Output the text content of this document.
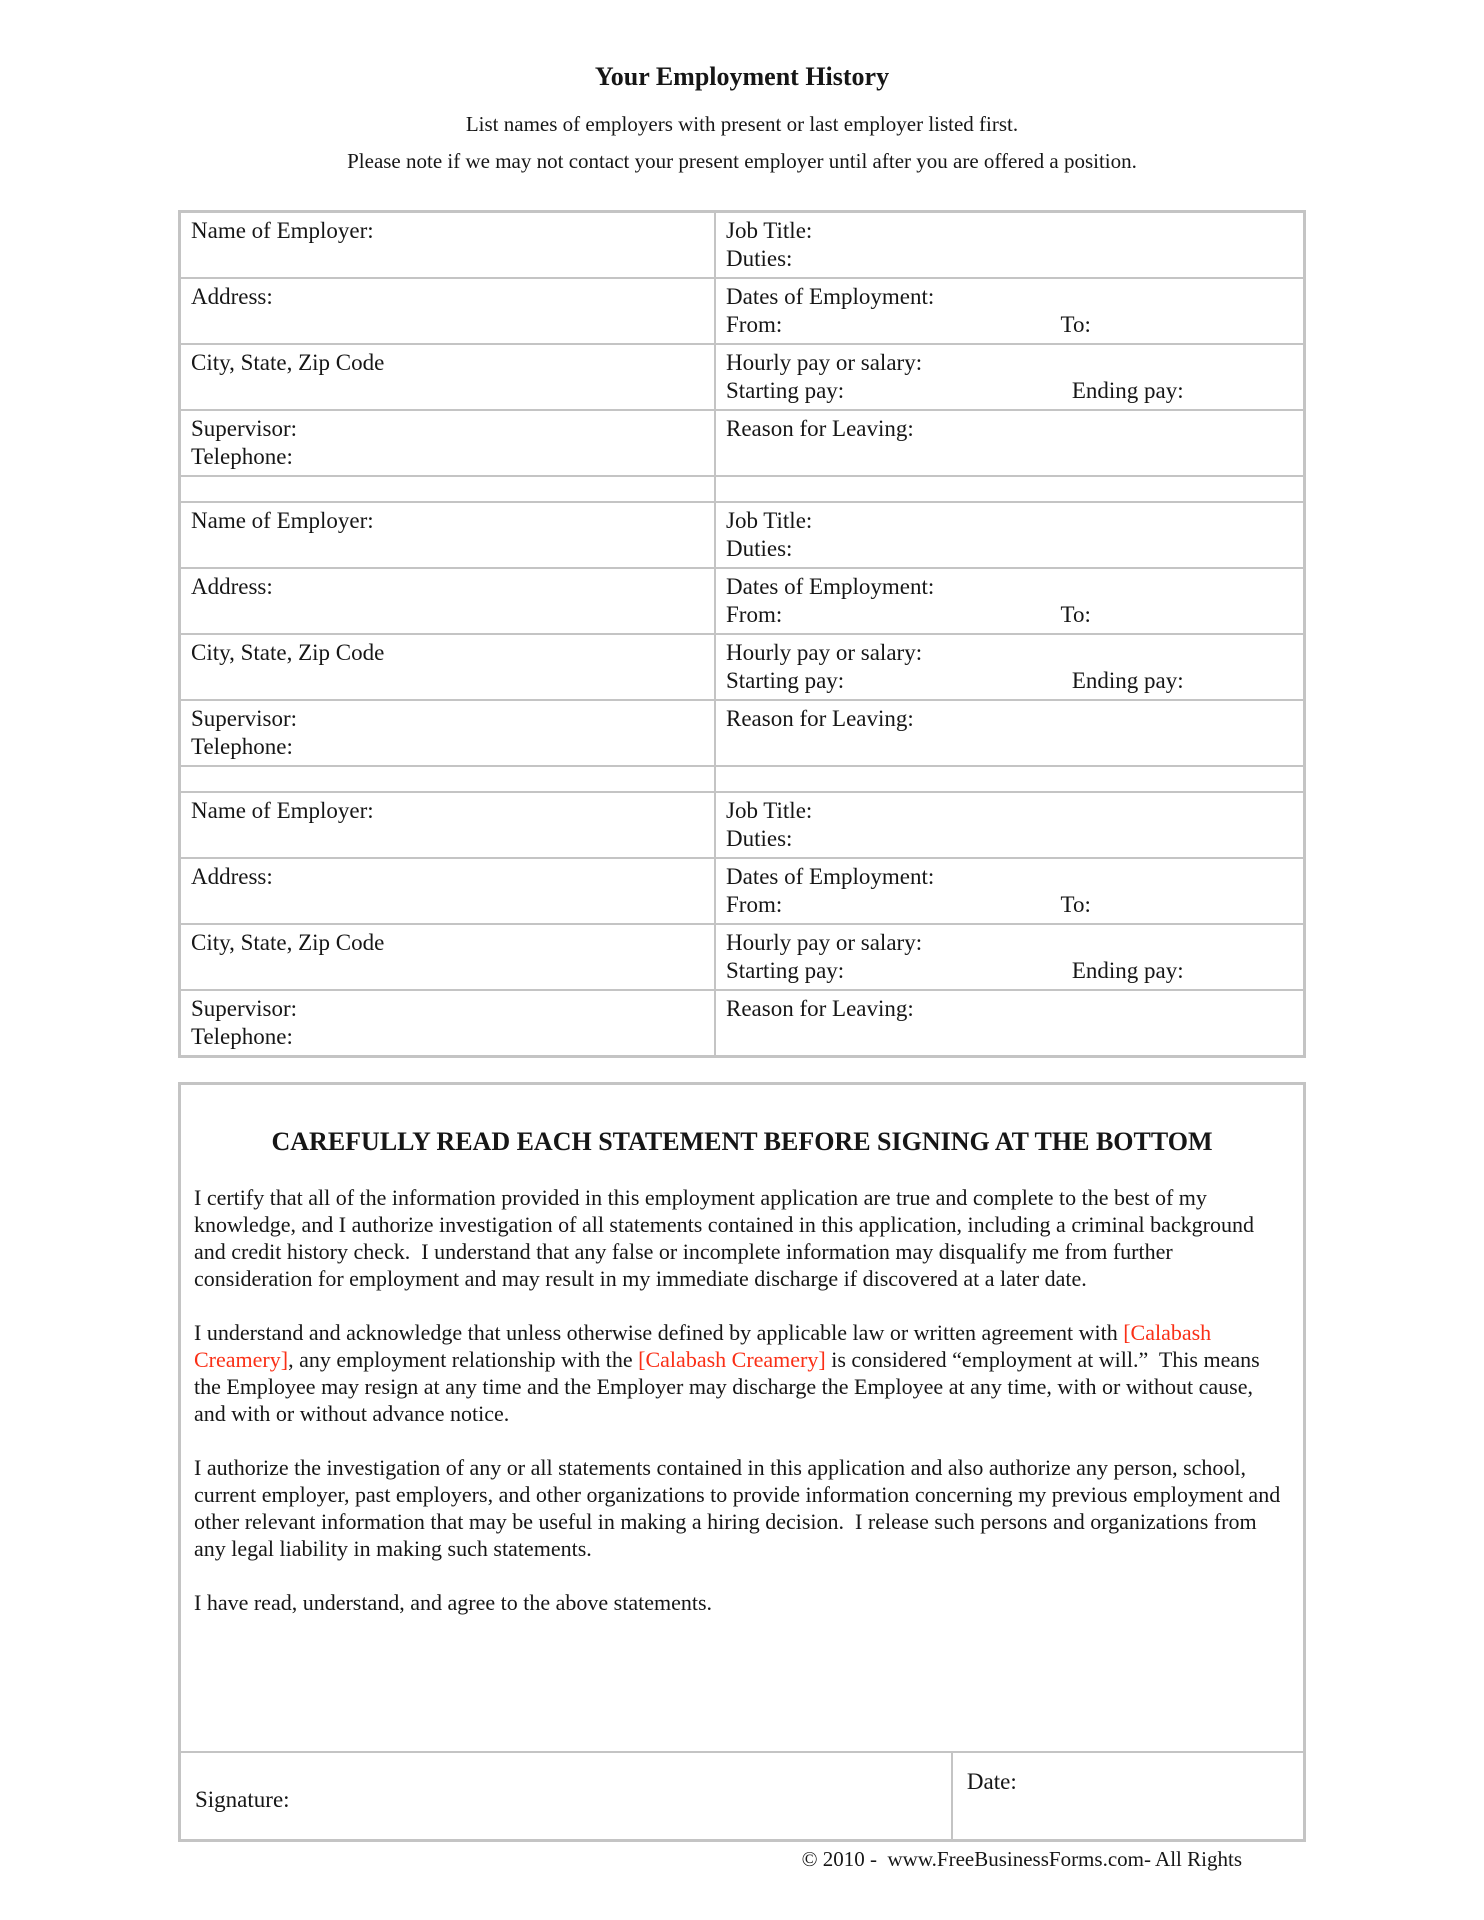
Your Employment History
List names of employers with present or last employer listed first.
Please note if we may not contact your present employer until after you are offered a position.
Name of Employer:	Job Title:
Duties:

Address:	Dates of Employment:
From: To:

City, State, Zip Code	Hourly pay or salary:
Starting pay: Ending pay:

Supervisor:
Telephone:	Reason for Leaving:

Name of Employer:	Job Title:
Duties:

Address:	Dates of Employment:
From: To:

City, State, Zip Code	Hourly pay or salary:
Starting pay: Ending pay:

Supervisor:
Telephone:	Reason for Leaving:

Name of Employer:	Job Title:
Duties:

Address:	Dates of Employment:
From: To:

City, State, Zip Code	Hourly pay or salary:
Starting pay: Ending pay:

Supervisor:
Telephone:	Reason for Leaving:
CAREFULLY READ EACH STATEMENT BEFORE SIGNING AT THE BOTTOM

I certify that all of the information provided in this employment application are true and complete to the best of my knowledge, and I authorize investigation of all statements contained in this application, including a criminal background and credit history check.  I understand that any false or incomplete information may disqualify me from further consideration for employment and may result in my immediate discharge if discovered at a later date.

I understand and acknowledge that unless otherwise defined by applicable law or written agreement with [Calabash Creamery], any employment relationship with the [Calabash Creamery] is considered “employment at will.”  This means the Employee may resign at any time and the Employer may discharge the Employee at any time, with or without cause, and with or without advance notice.

I authorize the investigation of any or all statements contained in this application and also authorize any person, school, current employer, past employers, and other organizations to provide information concerning my previous employment and other relevant information that may be useful in making a hiring decision.  I release such persons and organizations from any legal liability in making such statements.

I have read, understand, and agree to the above statements.

Signature:
Date:
© 2010 -  www.FreeBusinessForms.com- All Rights
